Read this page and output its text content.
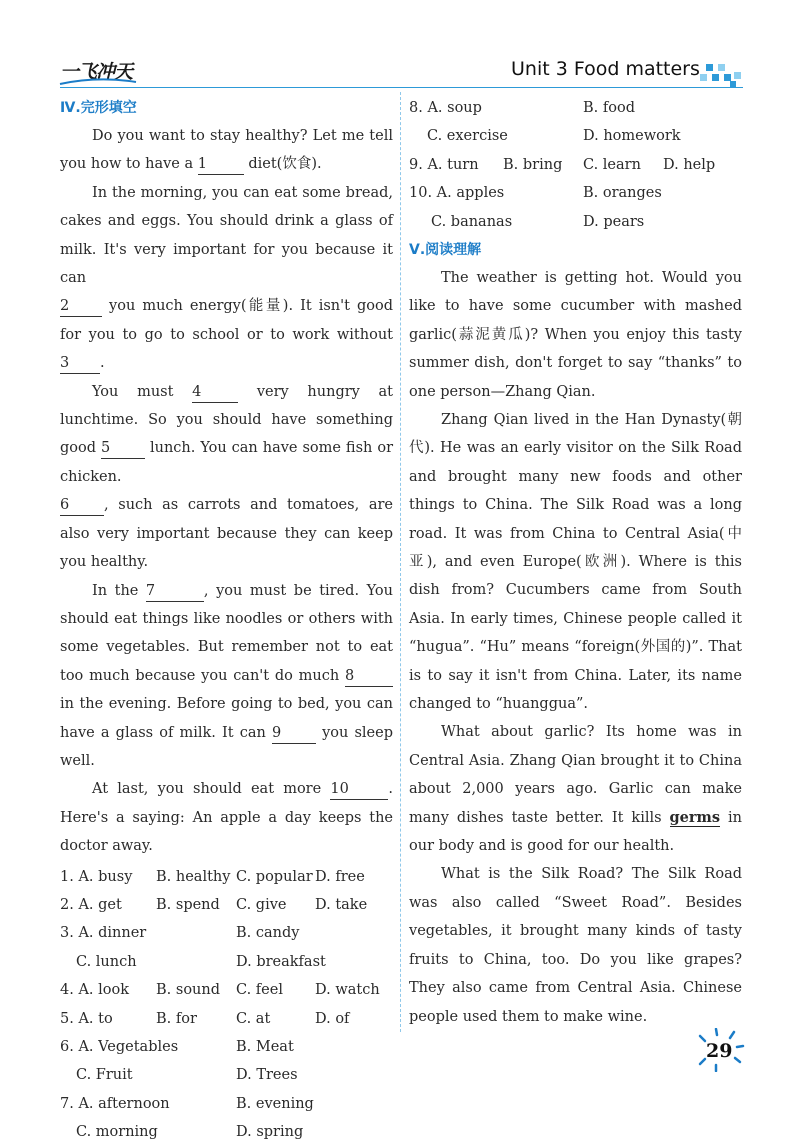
一飞冲天	Unit 3 Food matters
Ⅳ.完形填空

Do you want to stay healthy? Let me tell you how to have a 1	diet(饮食).

In the morning, you can eat some bread, cakes and eggs. You should drink a glass of milk. It's very important for you because it can
2	you much energy(能量). It isn't good for you to go to school or to work without 3 .

You must 4	very hungry at lunchtime. So you should have something good 5	lunch. You can have some fish or chicken.
6 , such as carrots and tomatoes, are also very important because they can keep you healthy.

In the 7	, you must be tired. You should eat things like noodles or others with some vegetables. But remember not to eat too much because you can't do much 8 in the evening. Before going to bed, you can have a glass of milk. It can 9	you sleep well.

At last, you should eat more 10	. Here's a saying: An apple a day keeps the doctor away.

1. A. busy B. healthy C. popular D. free
2. A. get B. spend C. give D. take
3. A. dinner	B. candy
C. lunch	D. breakfast
4. A. look B. sound C. feel D. watch
5. A. to	B. for	C. at	D. of
6. A. Vegetables	B. Meat
C. Fruit	D. Trees
7. A. afternoon	B. evening
C. morning	D. spring
8. A. soup	B. food
C. exercise	D. homework
9. A. turn B. bring C. learn D. help
10. A. apples	B. oranges
C. bananas	D. pears
Ⅴ.阅读理解

The weather is getting hot. Would you like to have some cucumber with mashed garlic(蒜泥黄瓜)? When you enjoy this tasty summer dish, don't forget to say “thanks” to one person—Zhang Qian.

Zhang Qian lived in the Han Dynasty(朝代). He was an early visitor on the Silk Road and brought many new foods and other things to China. The Silk Road was a long road. It was from China to Central Asia(中亚), and even Europe(欧洲). Where is this dish from? Cucumbers came from South Asia. In early times, Chinese people called it “hugua”. “Hu” means “foreign(外国的)”. That is to say it isn't from China. Later, its name changed to “huanggua”.

What about garlic? Its home was in Central Asia. Zhang Qian brought it to China about 2,000 years ago. Garlic can make many dishes taste better. It kills germs in our body and is good for our health.

What is the Silk Road? The Silk Road was also called “Sweet Road”. Besides vegetables, it brought many kinds of tasty fruits to China, too. Do you like grapes? They also came from Central Asia. Chinese people used them to make wine.

29
